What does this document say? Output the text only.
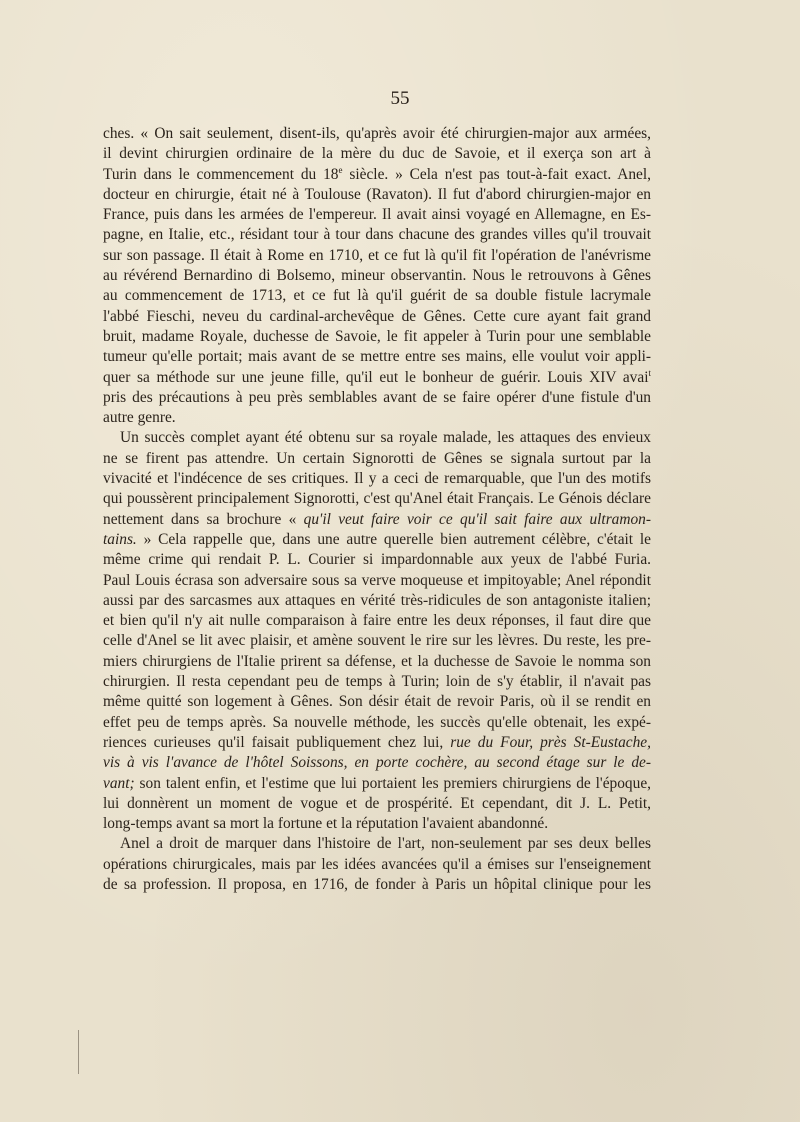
55
ches. « On sait seulement, disent-ils, qu'après avoir été chirurgien-major aux armées,
il devint chirurgien ordinaire de la mère du duc de Savoie, et il exerça son art à
Turin dans le commencement du 18e siècle. » Cela n'est pas tout-à-fait exact. Anel,
docteur en chirurgie, était né à Toulouse (Ravaton). Il fut d'abord chirurgien-major en
France, puis dans les armées de l'empereur. Il avait ainsi voyagé en Allemagne, en Es-
pagne, en Italie, etc., résidant tour à tour dans chacune des grandes villes qu'il trouvait
sur son passage. Il était à Rome en 1710, et ce fut là qu'il fit l'opération de l'anévrisme
au révérend Bernardino di Bolsemo, mineur observantin. Nous le retrouvons à Gênes
au commencement de 1713, et ce fut là qu'il guérit de sa double fistule lacrymale
l'abbé Fieschi, neveu du cardinal-archevêque de Gênes. Cette cure ayant fait grand
bruit, madame Royale, duchesse de Savoie, le fit appeler à Turin pour une semblable
tumeur qu'elle portait; mais avant de se mettre entre ses mains, elle voulut voir appli-
quer sa méthode sur une jeune fille, qu'il eut le bonheur de guérir. Louis XIV avai$^t$
pris des précautions à peu près semblables avant de se faire opérer d'une fistule d'un
autre genre.
Un succès complet ayant été obtenu sur sa royale malade, les attaques des envieux
ne se firent pas attendre. Un certain Signorotti de Gênes se signala surtout par la
vivacité et l'indécence de ses critiques. Il y a ceci de remarquable, que l'un des motifs
qui poussèrent principalement Signorotti, c'est qu'Anel était Français. Le Génois déclare
nettement dans sa brochure « qu'il veut faire voir ce qu'il sait faire aux ultramon-
tains. » Cela rappelle que, dans une autre querelle bien autrement célèbre, c'était le
même crime qui rendait P. L. Courier si impardonnable aux yeux de l'abbé Furia.
Paul Louis écrasa son adversaire sous sa verve moqueuse et impitoyable; Anel répondit
aussi par des sarcasmes aux attaques en vérité très-ridicules de son antagoniste italien;
et bien qu'il n'y ait nulle comparaison à faire entre les deux réponses, il faut dire que
celle d'Anel se lit avec plaisir, et amène souvent le rire sur les lèvres. Du reste, les pre-
miers chirurgiens de l'Italie prirent sa défense, et la duchesse de Savoie le nomma son
chirurgien. Il resta cependant peu de temps à Turin; loin de s'y établir, il n'avait pas
même quitté son logement à Gênes. Son désir était de revoir Paris, où il se rendit en
effet peu de temps après. Sa nouvelle méthode, les succès qu'elle obtenait, les expé-
riences curieuses qu'il faisait publiquement chez lui, rue du Four, près St-Eustache,
vis à vis l'avance de l'hôtel Soissons, en porte cochère, au second étage sur le de-
vant; son talent enfin, et l'estime que lui portaient les premiers chirurgiens de l'époque,
lui donnèrent un moment de vogue et de prospérité. Et cependant, dit J. L. Petit,
long-temps avant sa mort la fortune et la réputation l'avaient abandonné.
Anel a droit de marquer dans l'histoire de l'art, non-seulement par ses deux belles
opérations chirurgicales, mais par les idées avancées qu'il a émises sur l'enseignement
de sa profession. Il proposa, en 1716, de fonder à Paris un hôpital clinique pour les
